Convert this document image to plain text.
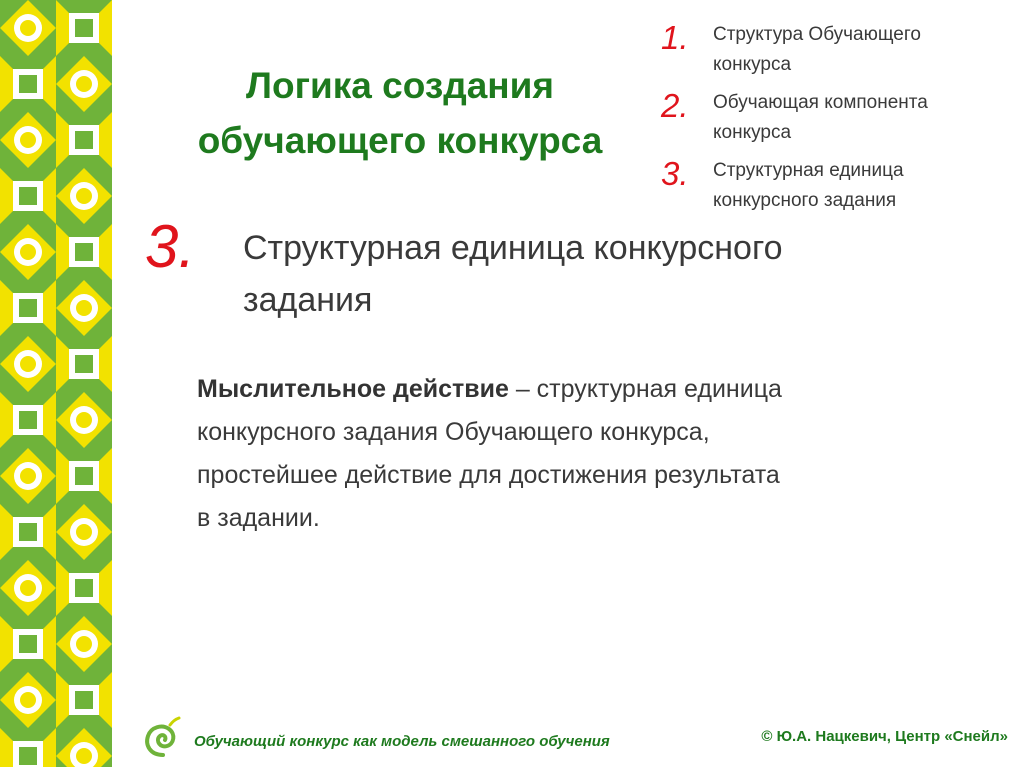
Логика создания
обучающего конкурса
1. Структура Обучающего
конкурса
2. Обучающая компонента
конкурса
3. Структурная единица
конкурсного задания
3. Структурная единица конкурсного
задания
Мыслительное действие – структурная единица
конкурсного задания Обучающего конкурса,
простейшее действие для достижения результата
в задании.
Обучающий конкурс как модель смешанного обучения	© Ю.А. Нацкевич, Центр «Снейл»
